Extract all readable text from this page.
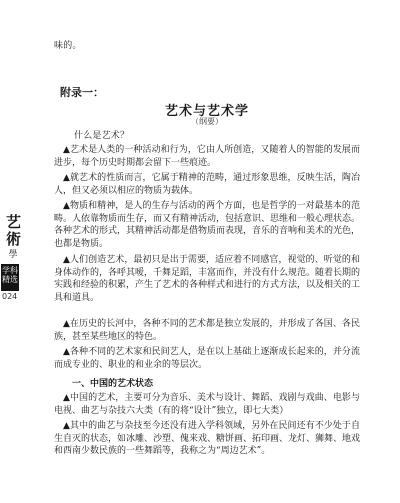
味的。
附录一：
艺术与艺术学
（纲要）
什么是艺术？

▲艺术是人类的一种活动和行为，它由人所创造，又随着人的智能的发展而进步，每个历史时期都会留下一些痕迹。

▲就艺术的性质而言，它属于精神的范畴，通过形象思维，反映生活，陶冶人，但又必须以相应的物质为载体。

▲物质和精神，是人的生存与活动的两个方面，也是哲学的一对最基本的范畴。人依靠物质而生存，而又有精神活动，包括意识、思维和一般心理状态。各种艺术的形式，其精神活动都是借物质而表现，音乐的音响和美术的光色，也都是物质。

▲人们创造艺术，最初只是出于需要，适应着不同感官，视觉的、听觉的和身体动作的，各呼其嗳，千舞足蹈，丰富而作，并没有什么规范。随着长期的实践和经验的积累，产生了艺术的各种样式和进行的方式方法，以及相关的工具和道具。

▲在历史的长河中，各种不同的艺术都是独立发展的，并形成了各国、各民族，甚至某些地区的特色。

▲各种不同的艺术家和民间艺人，是在以上基础上逐渐成长起来的，并分流而成专业的、职业的和业余的等层次。

一、中国的艺术状态

▲中国的艺术，主要可分为音乐、美术与设计、舞蹈、戏剧与戏曲、电影与电视、曲艺与杂技六大类（有的将“设计”独立，即七大类）

▲其中的曲艺与杂技至今还没有进入学科领域，另外在民间还有不少处于自生自灭的状态，如冰雕、沙塑、傀来戏、糖饼画、拓印画、龙灯、狮舞、地戏和西南少数民族的一些舞蹈等，我称之为“周边艺术”。

艺
術
學
学科
精选
024
